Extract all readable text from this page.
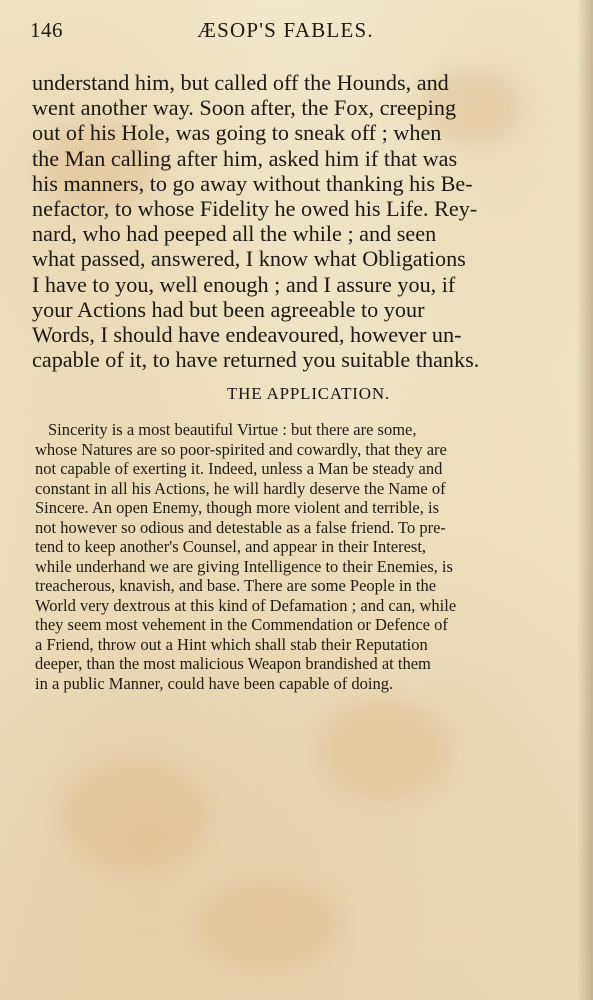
146	ÆSOP'S FABLES.
understand him, but called off the Hounds, and
went another way. Soon after, the Fox, creeping
out of his Hole, was going to sneak off ; when
the Man calling after him, asked him if that was
his manners, to go away without thanking his Be-
nefactor, to whose Fidelity he owed his Life. Rey-
nard, who had peeped all the while ; and seen
what passed, answered, I know what Obligations
I have to you, well enough ; and I assure you, if
your Actions had but been agreeable to your
Words, I should have endeavoured, however un-
capable of it, to have returned you suitable thanks.
THE APPLICATION.
Sincerity is a most beautiful Virtue : but there are some,
whose Natures are so poor-spirited and cowardly, that they are
not capable of exerting it. Indeed, unless a Man be steady and
constant in all his Actions, he will hardly deserve the Name of
Sincere. An open Enemy, though more violent and terrible, is
not however so odious and detestable as a false friend. To pre-
tend to keep another's Counsel, and appear in their Interest,
while underhand we are giving Intelligence to their Enemies, is
treacherous, knavish, and base. There are some People in the
World very dextrous at this kind of Defamation ; and can, while
they seem most vehement in the Commendation or Defence of
a Friend, throw out a Hint which shall stab their Reputation
deeper, than the most malicious Weapon brandished at them
in a public Manner, could have been capable of doing.
